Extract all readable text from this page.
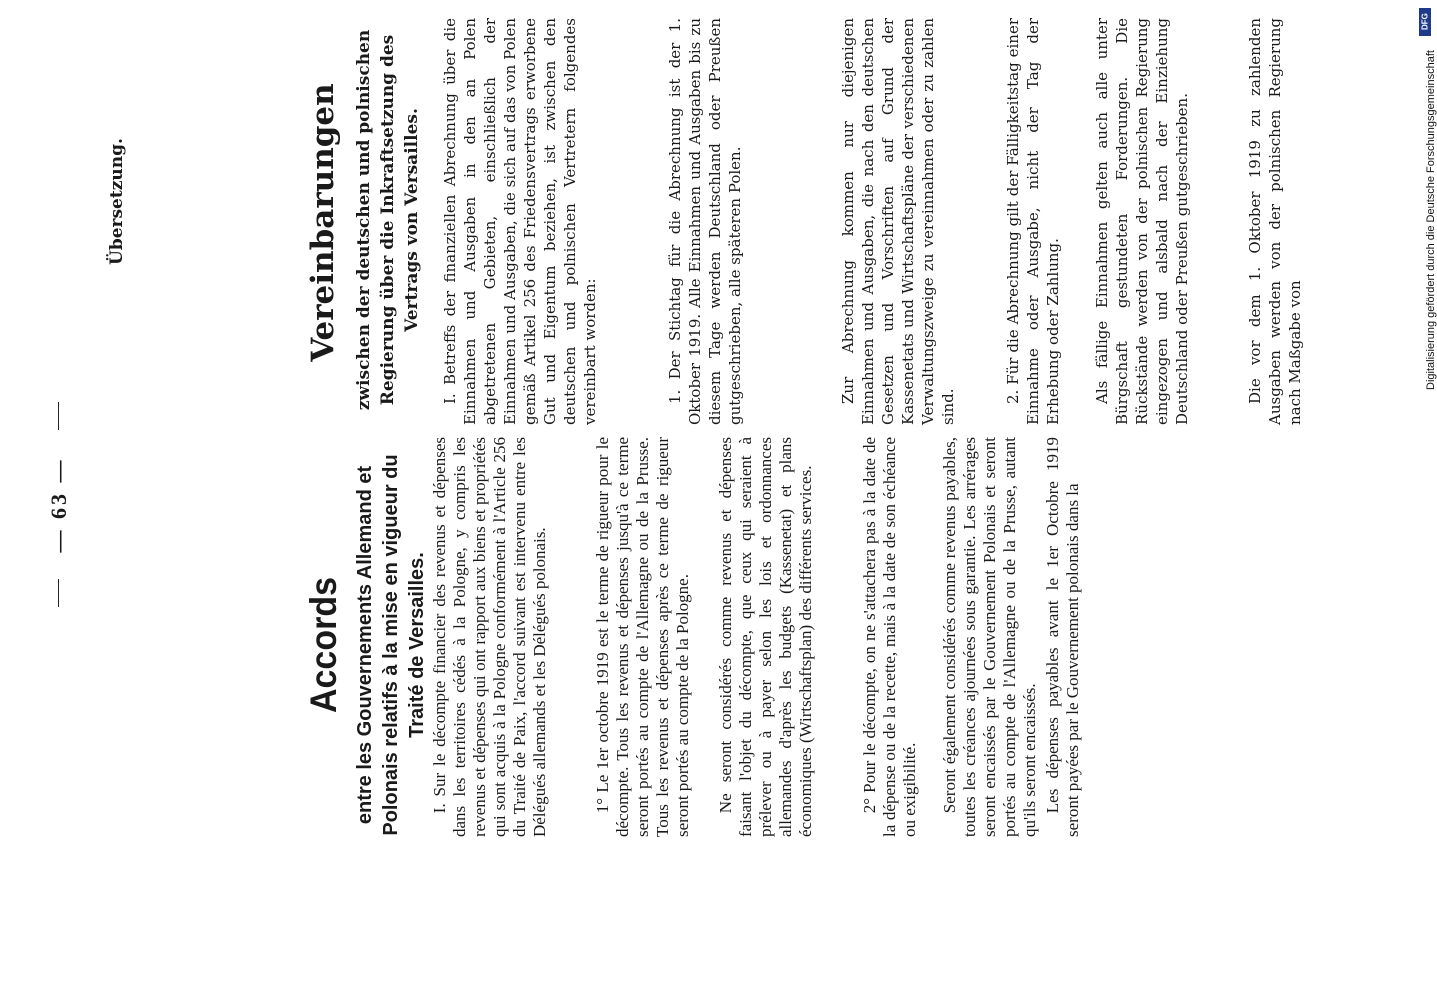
— 63 —
Übersetzung.
Accords entre les Gouvernements Allemand et Polonais relatifs à la mise en vigueur du Traité de Versailles.
Vereinbarungen zwischen der deutschen und polnischen Regierung über die Inkraftsetzung des Vertrags von Versailles.

I. Sur le décompte financier des revenus et dépenses dans les territoires cédés à la Pologne, y compris les revenus et dépenses qui ont rapport aux biens et propriétés qui sont acquis à la Pologne conformément à l'Article 256 du Traité de Paix, l'accord suivant est intervenu entre les Délégués allemands et les Délégués polonais.	1° Le 1er octobre 1919 est le terme de rigueur pour le décompte. Tous les revenus et dépenses jusqu'à ce terme seront portés au compte de l'Allemagne ou de la Prusse. Tous les revenus et dépenses après ce terme de rigueur seront portés au compte de la Pologne. Ne seront considérés comme revenus et dépenses faisant l'objet du décompte, que ceux qui seraient à prélever ou à payer selon les lois et ordonnances allemandes d'après les budgets (Kassenetat) et plans économiques (Wirtschaftsplan) des différents services.	2° Pour le décompte, on ne s'attachera pas à la date de la dépense ou de la recette, mais à la date de son échéance ou exigibilité. Seront également considérés comme revenus payables, toutes les créances ajournées sous garantie. Les arrérages seront encaissés par le Gouvernement Polonais et seront portés au compte de l'Allemagne ou de la Prusse, autant qu'ils seront encaissés. Les dépenses payables avant le 1er Octobre 1919 seront payées par le Gouvernement polonais dans la

I. Betreffs der finanziellen Abrechnung über die Einnahmen und Ausgaben in den an Polen abgetretenen Gebieten, einschließlich der Einnahmen und Ausgaben, die sich auf das von Polen gemäß Artikel 256 des Friedensvertrags erworbene Gut und Eigentum beziehen, ist zwischen den deutschen und polnischen Vertretern folgendes vereinbart worden:	1. Der Stichtag für die Abrechnung ist der 1. Oktober 1919. Alle Einnahmen und Ausgaben bis zu diesem Tage werden Deutschland oder Preußen gutgeschrieben, alle späteren Polen.	Zur Abrechnung kommen nur diejenigen Einnahmen und Ausgaben, die nach den deutschen Gesetzen und Vorschriften auf Grund der Kassenetats und Wirtschaftspläne der verschiedenen Verwaltungszweige zu vereinnahmen oder zu zahlen sind.

2. Für die Abrechnung gilt der Fälligkeitstag einer Einnahme oder Ausgabe, nicht der Tag der Erhebung oder Zahlung. Als fällige Einnahmen gelten auch alle unter Bürgschaft gestundeten Forderungen. Die Rückstände werden von der polnischen Regierung eingezogen und alsbald nach der Einziehung Deutschland oder Preußen gutgeschrieben.	Die vor dem 1. Oktober 1919 zu zahlenden Ausgaben werden von der polnischen Regierung nach Maßgabe von

DFG
Digitalisierung gefördert durch die Deutsche Forschungsgemeinschaft
